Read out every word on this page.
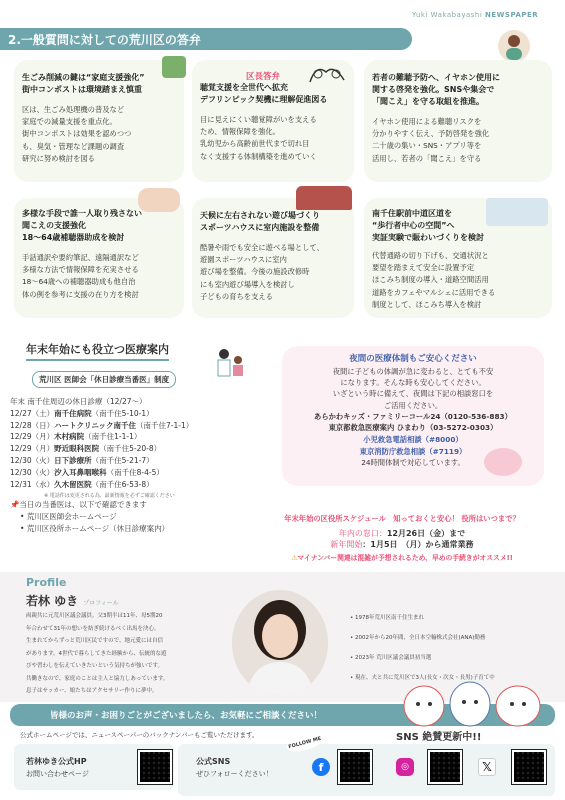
Yuki Wakabayashi NEWSPAPER
2.一般質問に対しての荒川区の答弁
生ごみ削減の鍵は“家庭支援強化”
街中コンポストは環境踏まえ慎重
区は、生ごみ処理機の普及など
家庭での減量支援を重点化。
街中コンポストは効果を認めつつ
も、臭気・管理など課題の調査
研究に努め検討を図る
区長答弁
聴覚支援を全世代へ拡充
デフリンピック契機に理解促進図る
目に見えにくい聴覚障がいを支える
ため、情報保障を強化。
乳幼児から高齢前世代まで切れ目
なく支援する体制構築を進めていく
若者の難聴予防へ、イヤホン使用に
関する啓発を強化。SNSや集会で
「聞こえ」を守る取組を推進。
イヤホン使用による難聴リスクを
分かりやすく伝え、予防啓発を強化
二十歳の集い・SNS・アプリ等を
活用し、若者の「聞こえ」を守る
多様な手段で誰一人取り残さない
聞こえの支援強化
18〜64歳補聴器助成を検討
手話通訳や要約筆記、遠隔通訳など
多様な方法で情報保障を充実させる
18〜64歳への補聴器助成も他自治
体の例を参考に支援の在り方を検討
天候に左右されない遊び場づくり
スポーツハウスに室内施設を整備
酷暑や雨でも安全に遊べる場として、
遊園スポーツハウスに室内
遊び場を整備。今後の施設改修時
にも室内遊び場導入を検討し
子どもの育ちを支える
南千住駅前中道区道を
“歩行者中心の空間”へ
実証実験で賑わいづくりを検討
代替通路の切り下げも、交通状況と
要望を踏まえて安全に設置予定
ほこみち制度の導入・道路空間活用
道路をカフェやマルシェに活用できる
制度として、ほこみち導入を検討
年末年始にも役立つ医療案内 荒川区 医師会「休日診療当番医」制度
年末 南千住周辺の休日診療（12/27〜）
12/27（土）南千住病院（南千住5-10-1）
12/28（日）ハートクリニック南千住（南千住7-1-1）
12/29（月）木村病院（南千住1-1-1）
12/29（月）野近眼科医院（南千住5-20-8）
12/30（火）日下診療所（南千住5-21-7）
12/30（火）汐入耳鼻咽喉科（南千住8-4-5）
12/31（水）久木留医院（南千住6-53-8）
※ 電話件は変更される為、最新情報を必ずご確認ください
📌当日の当番医は、以下で確認できます
• 荒川区医師会ホームページ
• 荒川区役所ホームページ（休日診療案内）
夜間の医療体制もご安心ください
夜間に子どもの体調が急に変わると、とても不安
になります。そんな時も安心してください。
いざという時に備えて、夜間は下記の相談窓口を
ご活用ください。
あらかわキッズ・ファミリーコール24（0120-536-883）
東京都救急医療案内 ひまわり（03-5272-0303）
小児救急電話相談（#8000）
東京消防庁救急相談（#7119）
24時間体制で対応しています。
年末年始の区役所スケジュール　知っておくと安心！ 役所はいつまで？
年内の窓口：12月26日（金）まで
新年開始：1月5日　（月）から通常業務
⚠マイナンバー関連は混雑が予想されるため、早めの手続きがオススメ!!
Profile
若林 ゆき プロフィール
両親共に元荒川区議会議員。父3期半は11年、母5期20
年合わせて31年の想いを紡ぎ続けるべく出馬を決心。
生まれてからずっと荒川区民ですので、地元愛には自信
があります。4世代で暮らしてきた経験から、伝統的な遊
びや習わしを伝えていきたいという気持ちが強いです。
共働きなので、家庭のことは主人と協力しあっています。
息子はサッカー、娘たちはアクセサリー作りに夢中。
• 1978年荒川区南千住生まれ
• 2002年から20年間、全日本空輸株式会社(ANA)勤務
• 2023年 荒川区議会議員初当選
• 現在、夫と共に荒川区で3人(長女・次女・長男)子育て中
皆様のお声・お困りごとがございましたら、お気軽にご相談ください！
公式ホームページでは、ニュースペーパーのバックナンバーもご覧いただけます。
若林ゆき公式HP
お問い合わせページ
公式SNS
ぜひフォローください！
FOLLOW ME	SNS 絶賛更新中!!
f	◎	𝕏
